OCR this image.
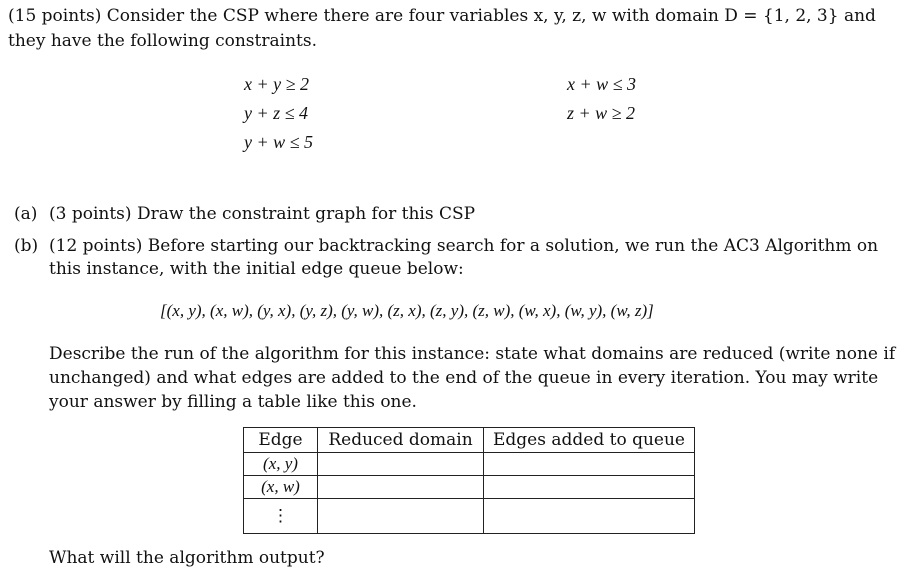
(15 points) Consider the CSP where there are four variables x, y, z, w with domain D = {1, 2, 3} and
they have the following constraints.
x + y ≥ 2
y + z ≤ 4
y + w ≤ 5
x + w ≤ 3
z + w ≥ 2
(a) (3 points) Draw the constraint graph for this CSP
(b) (12 points) Before starting our backtracking search for a solution, we run the AC3 Algorithm on
this instance, with the initial edge queue below:
[(x, y), (x, w), (y, x), (y, z), (y, w), (z, x), (z, y), (z, w), (w, x), (w, y), (w, z)]
Describe the run of the algorithm for this instance: state what domains are reduced (write none if
unchanged) and what edges are added to the end of the queue in every iteration. You may write
your answer by filling a table like this one.
Edge	Reduced domain	Edges added to queue
(x, y)		
(x, w)		
⋮		
What will the algorithm output?
